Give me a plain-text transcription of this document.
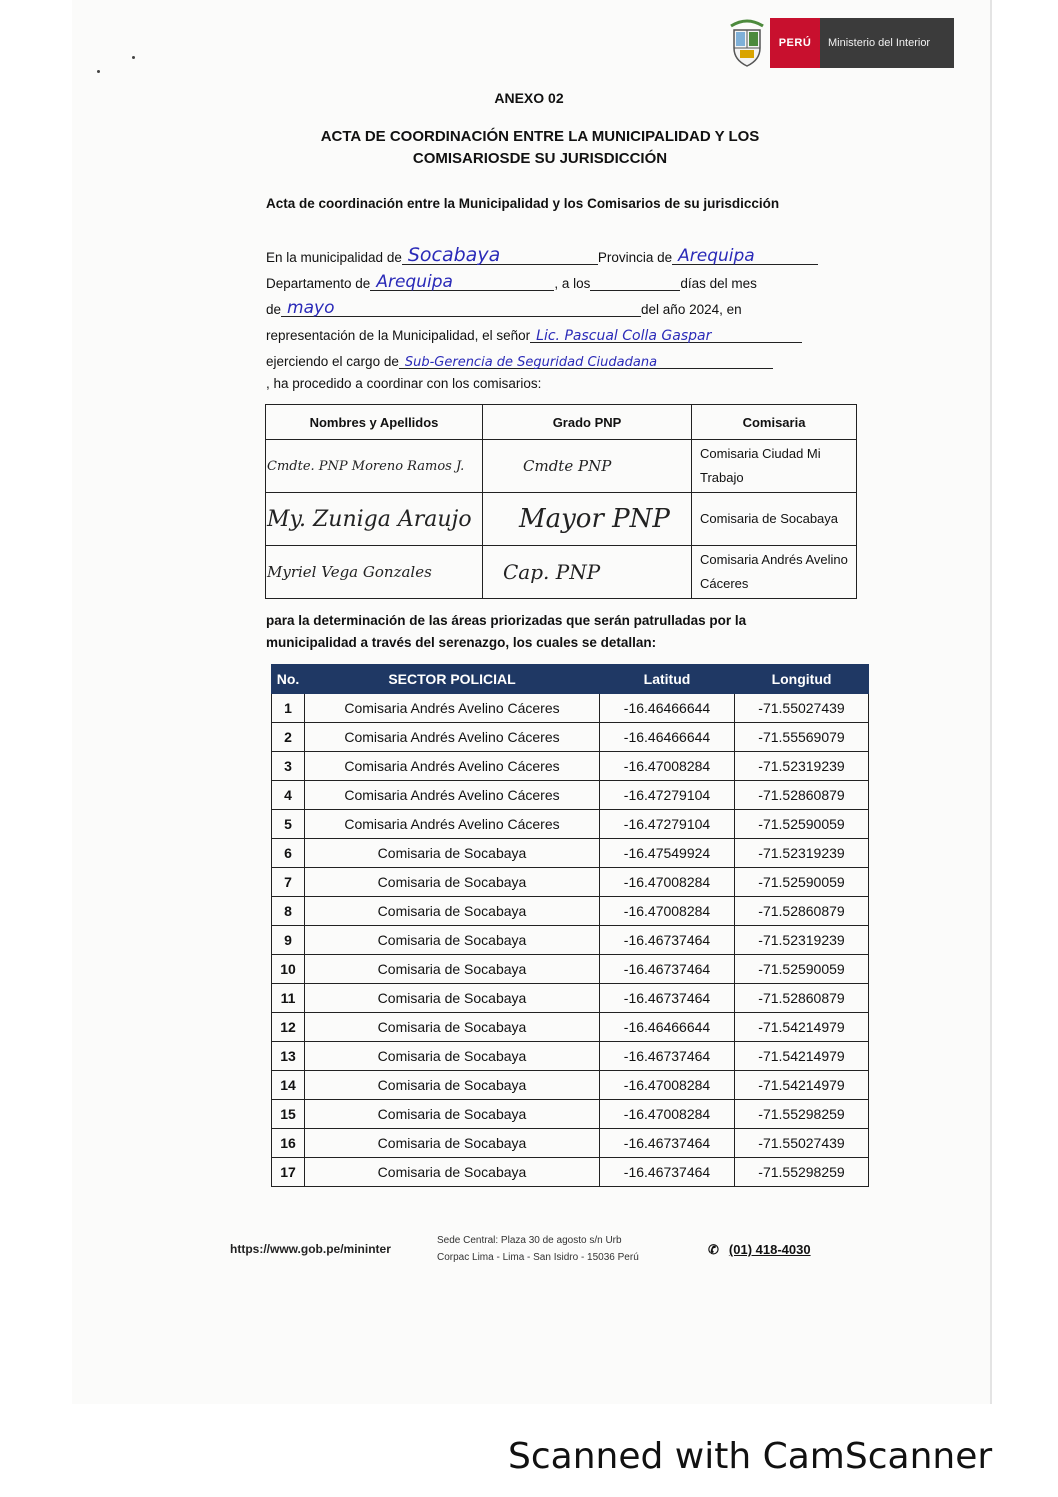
PERÚ	Ministerio del Interior
ANEXO 02
ACTA DE COORDINACIÓN ENTRE LA MUNICIPALIDAD Y LOS
COMISARIOSDE SU JURISDICCIÓN
Acta de coordinación entre la Municipalidad y los Comisarios de su jurisdicción
En la municipalidad de Socabaya	Provincia de Arequipa
Departamento de Arequipa	, a los	días del mes
de mayo	del año 2024, en
representación de la Municipalidad, el señor Lic. Pascual Colla Gaspar
ejerciendo el cargo de Sub-Gerencia de Seguridad Ciudadana
, ha procedido a coordinar con los comisarios:
Nombres y Apellidos	Grado PNP	Comisaria
Cmdte. PNP Moreno Ramos J.	Cmdte PNP	Comisaria Ciudad Mi Trabajo
My. Zuniga Araujo	Mayor PNP	Comisaria de Socabaya
Myriel Vega Gonzales	Cap. PNP	Comisaria Andrés Avelino Cáceres
para la determinación de las áreas priorizadas que serán patrulladas por la municipalidad a través del serenazgo, los cuales se detallan:
No.	SECTOR POLICIAL	Latitud	Longitud
1	Comisaria Andrés Avelino Cáceres	-16.46466644	-71.55027439
2	Comisaria Andrés Avelino Cáceres	-16.46466644	-71.55569079
3	Comisaria Andrés Avelino Cáceres	-16.47008284	-71.52319239
4	Comisaria Andrés Avelino Cáceres	-16.47279104	-71.52860879
5	Comisaria Andrés Avelino Cáceres	-16.47279104	-71.52590059
6	Comisaria de Socabaya	-16.47549924	-71.52319239
7	Comisaria de Socabaya	-16.47008284	-71.52590059
8	Comisaria de Socabaya	-16.47008284	-71.52860879
9	Comisaria de Socabaya	-16.46737464	-71.52319239
10	Comisaria de Socabaya	-16.46737464	-71.52590059
11	Comisaria de Socabaya	-16.46737464	-71.52860879
12	Comisaria de Socabaya	-16.46466644	-71.54214979
13	Comisaria de Socabaya	-16.46737464	-71.54214979
14	Comisaria de Socabaya	-16.47008284	-71.54214979
15	Comisaria de Socabaya	-16.47008284	-71.55298259
16	Comisaria de Socabaya	-16.46737464	-71.55027439
17	Comisaria de Socabaya	-16.46737464	-71.55298259
https://www.gob.pe/mininter
Sede Central: Plaza 30 de agosto s/n Urb
Corpac Lima - Lima - San Isidro - 15036 Perú
✆ (01) 418-4030
Scanned with CamScanner
